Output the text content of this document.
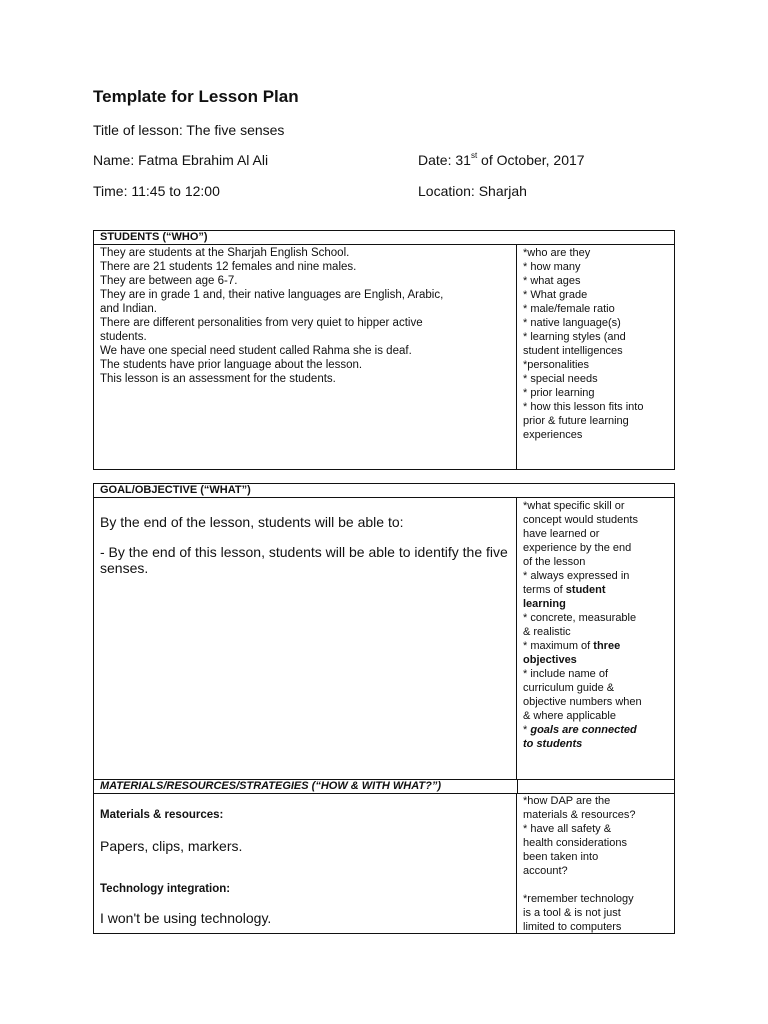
Template for Lesson Plan
Title of lesson: The five senses
Name: Fatma Ebrahim Al Ali	Date: 31st of October, 2017
Time: 11:45 to 12:00	Location: Sharjah
STUDENTS (“WHO”)
They are students at the Sharjah English School.
There are 21 students 12 females and nine males.
They are between age 6-7.
They are in grade 1 and, their native languages are English, Arabic,
and Indian.
There are different personalities from very quiet to hipper active
students.
We have one special need student called Rahma she is deaf.
The students have prior language about the lesson.
This lesson is an assessment for the students.
*who are they
* how many
* what ages
* What grade
* male/female ratio
* native language(s)
* learning styles (and
student intelligences
*personalities
* special needs
* prior learning
* how this lesson fits into
prior & future learning
experiences
GOAL/OBJECTIVE (“WHAT”)
By the end of the lesson, students will be able to:
- By the end of this lesson, students will be able to identify the five senses.
*what specific skill or
concept would students
have learned or
experience by the end
of the lesson
* always expressed in
terms of student
learning
* concrete, measurable
& realistic
* maximum of three
objectives
* include name of
curriculum guide &
objective numbers when
& where applicable
* goals are connected
to students
MATERIALS/RESOURCES/STRATEGIES (“HOW & WITH WHAT?”)
Materials & resources:
Papers, clips, markers.
Technology integration:
I won't be using technology.
*how DAP are the
materials & resources?
* have all safety &
health considerations
been taken into
account?
*remember technology
is a tool & is not just
limited to computers
